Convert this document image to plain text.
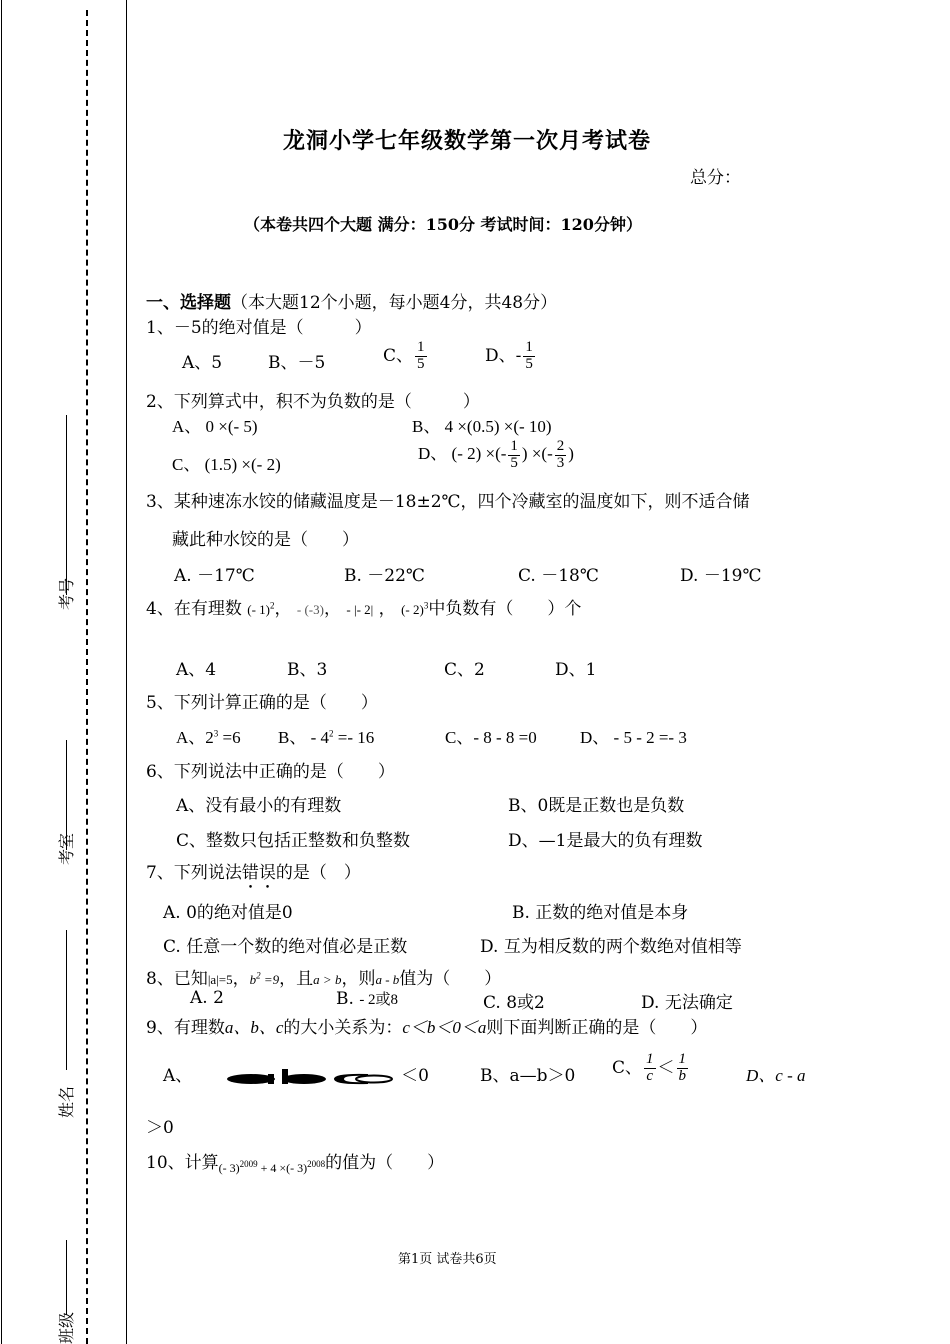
考号
考室
姓名
班级
龙洞小学七年级数学第一次月考试卷
总分：
（本卷共四个大题 满分：150分 考试时间：120分钟）
一、选择题（本大题12个小题，每小题4分，共48分）
1、－5的绝对值是（　　　）
A、5	B、－5	C、 $\frac{1}{5}$	D、- $\frac{1}{5}$
2、下列算式中，积不为负数的是（　　　）
A、 0 ×(- 5)	B、 4 ×(0.5) ×(- 10)
C、 (1.5) ×(- 2)
D、 (- 2) ×(- $\frac{1}{5}$ ) ×(- $\frac{2}{3}$ )
3、某种速冻水饺的储藏温度是－18±2℃，四个冷藏室的温度如下，则不适合储
藏此种水饺的是（　　）
A. －17℃	B. －22℃	C. －18℃	D. －19℃
4、在有理数 (- 1)$^2$， - (-3)， - |- 2| ， (- 2)$^3$中负数有（　　）个
A、4	B、3	C、2	D、1
5、下列计算正确的是（　　）
A、$2^3 =6$ B、 - $4^2 =- 16$	C、- 8 - 8 =0	D、 - 5 - 2 =- 3
6、下列说法中正确的是（　　）
A、没有最小的有理数	B、0既是正数也是负数
C、整数只包括正整数和负整数	D、—1是最大的负有理数
7、下列说法错误的是（　）
A. 0的绝对值是0	B. 正数的绝对值是本身
C. 任意一个数的绝对值必是正数	D. 互为相反数的两个数绝对值相等
8、已知|a|=5，$b^2 =9$，且a > b，则a - b值为（　　）
A. 2	B. - 2或8	C. 8或2	D. 无法确定
9、有理数a、b、c的大小关系为：c＜b＜0＜a则下面判断正确的是（　　）
A、	＜0	B、a—b＞0 C、 $\frac{1}{c} < \frac{1}{b}$	D、c - a
＞0
10、计算$_{(- 3)^{2009} + 4 \times(- 3)^{2008}}$的值为（　　）
第1页 试卷共6页
